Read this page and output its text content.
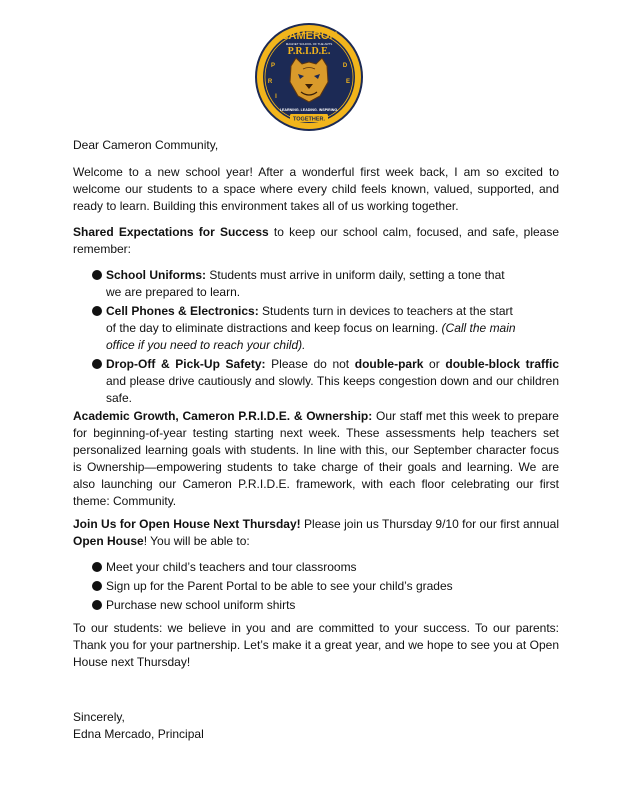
CAMERON
MAGNET SCHOOL OF THE ARTS
P.R.I.D.E.
P
R
I
D
E
LEARNING. LEADING. INSPIRING.
TOGETHER.

Dear Cameron Community,

Welcome to a new school year! After a wonderful first week back, I am so excited to welcome our students to a space where every child feels known, valued, supported, and ready to learn. Building this environment takes all of us working together.

Shared Expectations for Success to keep our school calm, focused, and safe, please remember:

School Uniforms: Students must arrive in uniform daily, setting a tone that we are prepared to learn.
Cell Phones & Electronics: Students turn in devices to teachers at the start of the day to eliminate distractions and keep focus on learning. (Call the main office if you need to reach your child).
Drop-Off & Pick-Up Safety: Please do not double-park or double-block traffic and please drive cautiously and slowly. This keeps congestion down and our children safe.

Academic Growth, Cameron P.R.I.D.E. & Ownership: Our staff met this week to prepare for beginning-of-year testing starting next week. These assessments help teachers set personalized learning goals with students. In line with this, our September character focus is Ownership—empowering students to take charge of their goals and learning. We are also launching our Cameron P.R.I.D.E. framework, with each floor celebrating our first theme: Community.

Join Us for Open House Next Thursday! Please join us Thursday 9/10 for our first annual Open House! You will be able to:

Meet your child’s teachers and tour classrooms
Sign up for the Parent Portal to be able to see your child’s grades
Purchase new school uniform shirts

To our students: we believe in you and are committed to your success. To our parents: Thank you for your partnership. Let’s make it a great year, and we hope to see you at Open House next Thursday!

Sincerely,

Edna Mercado, Principal
